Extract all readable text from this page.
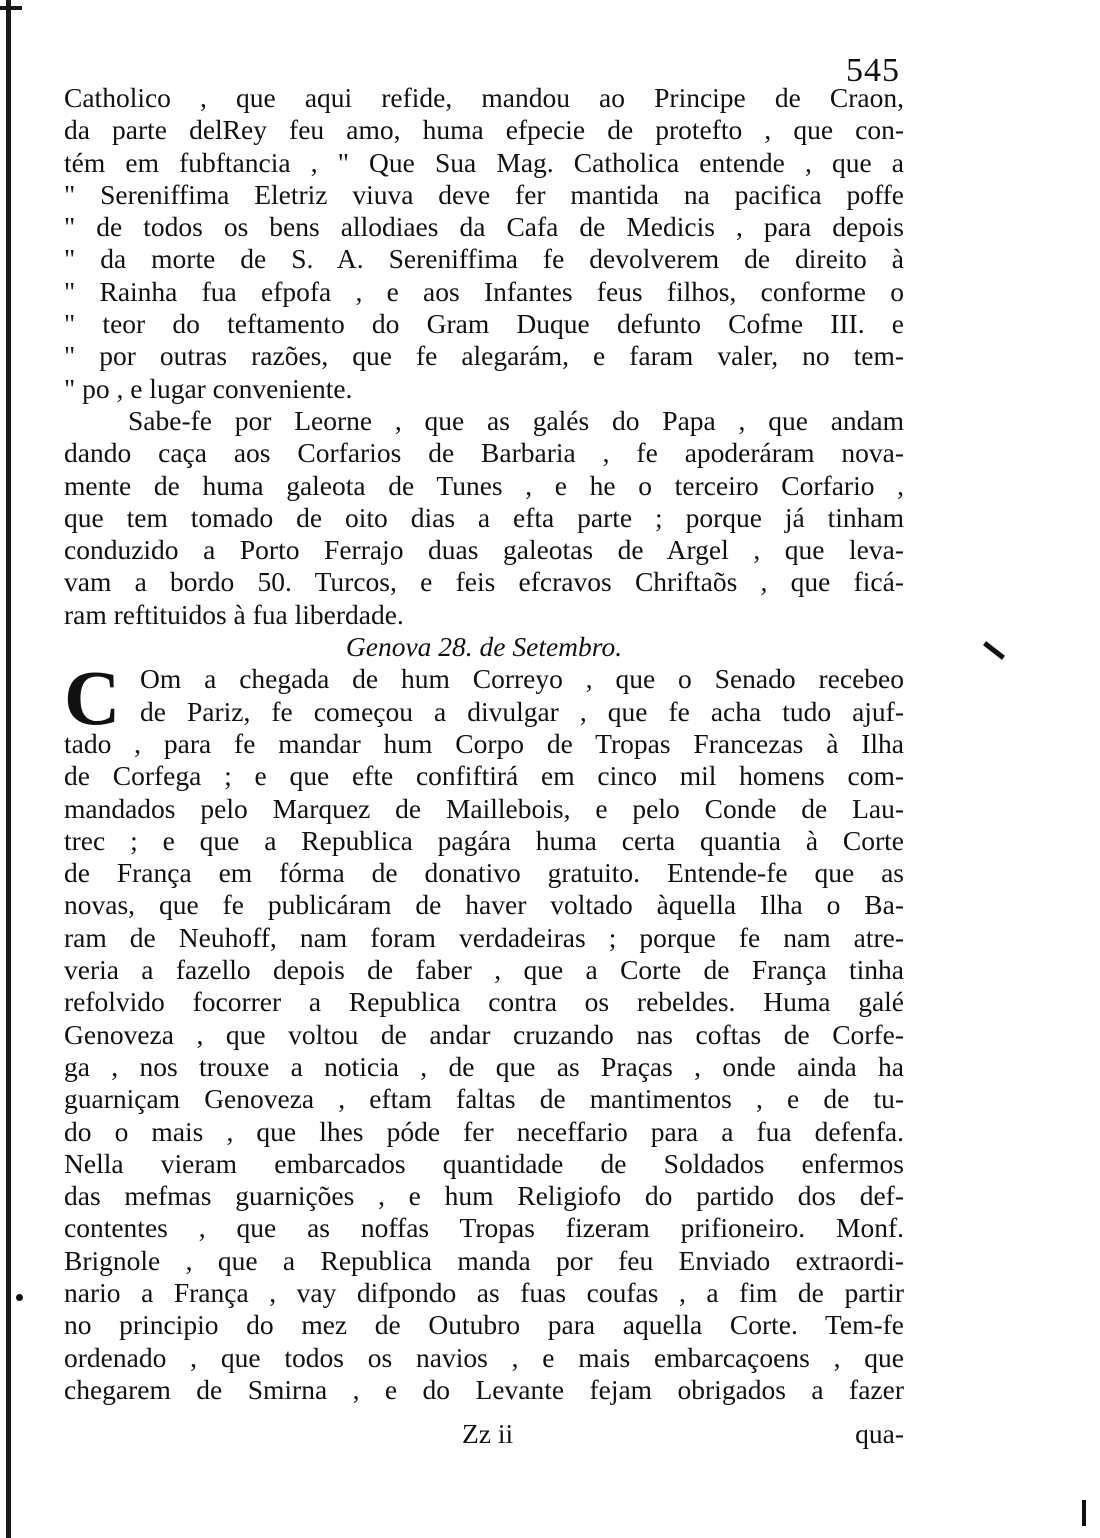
545
Catholico , que aqui refide, mandou ao Principe de Craon,
da parte delRey feu amo, huma efpecie de protefto , que con-
tém em fubftancia , " Que Sua Mag. Catholica entende , que a
" Sereniffima Eletriz viuva deve fer mantida na pacifica poffe
" de todos os bens allodiaes da Cafa de Medicis , para depois
" da morte de S. A. Sereniffima fe devolverem de direito à
" Rainha fua efpofa , e aos Infantes feus filhos, conforme o
" teor do teftamento do Gram Duque defunto Cofme III. e
" por outras razões, que fe alegarám, e faram valer, no tem-
" po , e lugar conveniente.
Sabe-fe por Leorne , que as galés do Papa , que andam
dando caça aos Corfarios de Barbaria , fe apoderáram nova-
mente de huma galeota de Tunes , e he o terceiro Corfario ,
que tem tomado de oito dias a efta parte ; porque já tinham
conduzido a Porto Ferrajo duas galeotas de Argel , que leva-
vam a bordo 50. Turcos, e feis efcravos Chriftaõs , que ficá-
ram reftituidos à fua liberdade.
Genova 28. de Setembro.
C Om a chegada de hum Correyo , que o Senado recebeo
de Pariz, fe começou a divulgar , que fe acha tudo ajuf-
tado , para fe mandar hum Corpo de Tropas Francezas à Ilha
de Corfega ; e que efte confiftirá em cinco mil homens com-
mandados pelo Marquez de Maillebois, e pelo Conde de Lau-
trec ; e que a Republica pagára huma certa quantia à Corte
de França em fórma de donativo gratuito. Entende-fe que as
novas, que fe publicáram de haver voltado àquella Ilha o Ba-
ram de Neuhoff, nam foram verdadeiras ; porque fe nam atre-
veria a fazello depois de faber , que a Corte de França tinha
refolvido focorrer a Republica contra os rebeldes. Huma galé
Genoveza , que voltou de andar cruzando nas coftas de Corfe-
ga , nos trouxe a noticia , de que as Praças , onde ainda ha
guarniçam Genoveza , eftam faltas de mantimentos , e de tu-
do o mais , que lhes póde fer neceffario para a fua defenfa.
Nella vieram embarcados quantidade de Soldados enfermos
das mefmas guarnições , e hum Religiofo do partido dos def-
contentes , que as noffas Tropas fizeram prifioneiro. Monf.
Brignole , que a Republica manda por feu Enviado extraordi-
nario a França , vay difpondo as fuas coufas , a fim de partir
no principio do mez de Outubro para aquella Corte. Tem-fe
ordenado , que todos os navios , e mais embarcaçoens , que
chegarem de Smirna , e do Levante fejam obrigados a fazer
Zz ii	qua-
